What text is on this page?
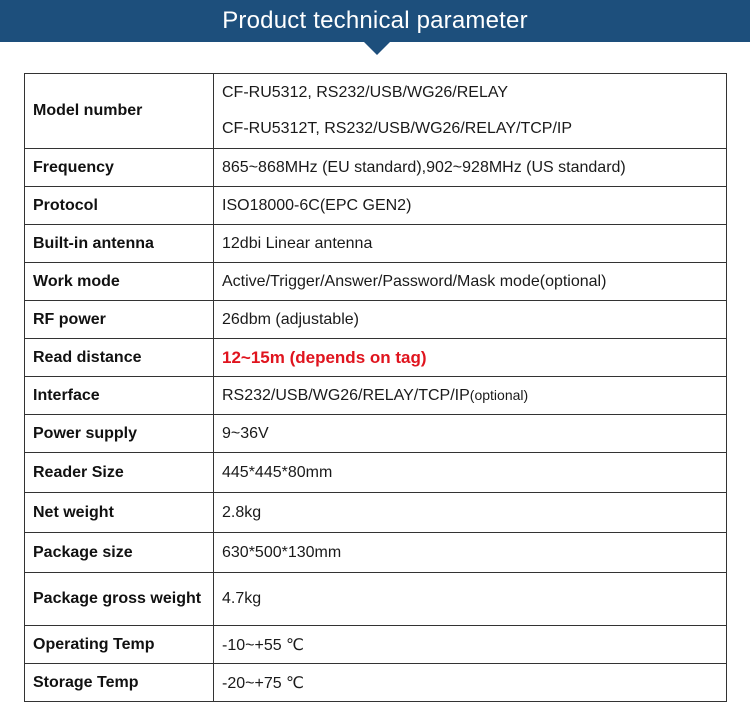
Product technical parameter
Model number	CF-RU5312, RS232/USB/WG26/RELAY
CF-RU5312T, RS232/USB/WG26/RELAY/TCP/IP

Frequency	865~868MHz (EU standard),902~928MHz (US standard)
Protocol	ISO18000-6C(EPC GEN2)
Built-in antenna	12dbi Linear antenna
Work mode	Active/Trigger/Answer/Password/Mask mode(optional)
RF power	26dbm (adjustable)
Read distance	12~15m (depends on tag)
Interface	RS232/USB/WG26/RELAY/TCP/IP(optional)
Power supply	9~36V
Reader Size	445*445*80mm
Net weight	2.8kg
Package size	630*500*130mm
Package gross weight	4.7kg
Operating Temp	-10~+55 ℃
Storage Temp	-20~+75 ℃
